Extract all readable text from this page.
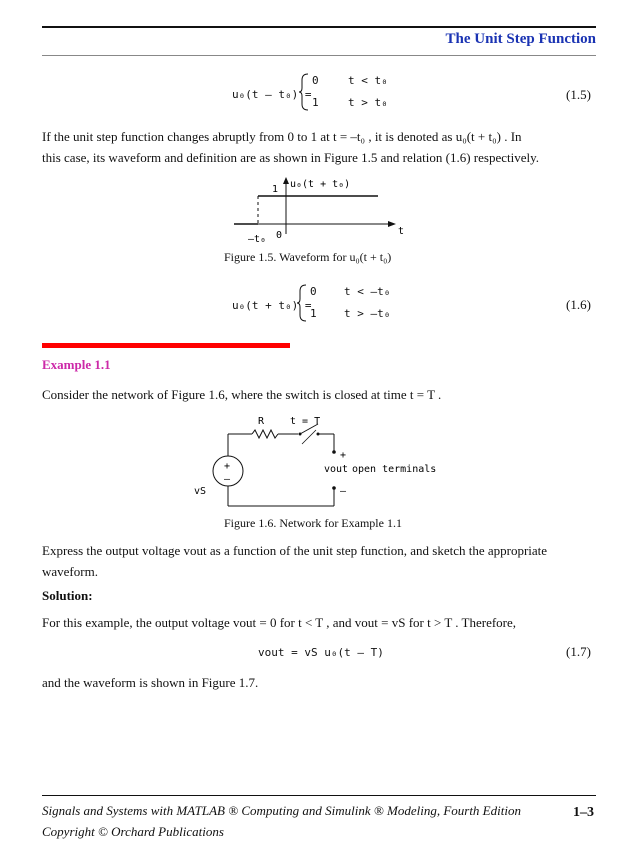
The Unit Step Function
u₀(t – t₀) =
0	t < t₀
1	t > t₀
(1.5)
If the unit step function changes abruptly from 0 to 1 at t = –t₀ , it is denoted as u₀(t + t₀) . In
this case, its waveform and definition are as shown in Figure 1.5 and relation (1.6) respectively.
1 u₀(t + t₀)
t
–t₀ 0
Figure 1.5. Waveform for u₀(t + t₀)
u₀(t + t₀) =
0 t < –t₀
1 t > –t₀
(1.6)
Example 1.1
Consider the network of Figure 1.6, where the switch is closed at time t = T .
+
–
R	t = T
+
–
vout open terminals
vS
Figure 1.6. Network for Example 1.1
Express the output voltage vout as a function of the unit step function, and sketch the appropriate
waveform.
Solution:
For this example, the output voltage vout = 0 for t < T , and vout = vS for t > T . Therefore,
vout = vS u₀(t – T)	(1.7)
and the waveform is shown in Figure 1.7.
Signals and Systems with MATLAB ® Computing and Simulink ® Modeling, Fourth Edition
Copyright © Orchard Publications
1–3
